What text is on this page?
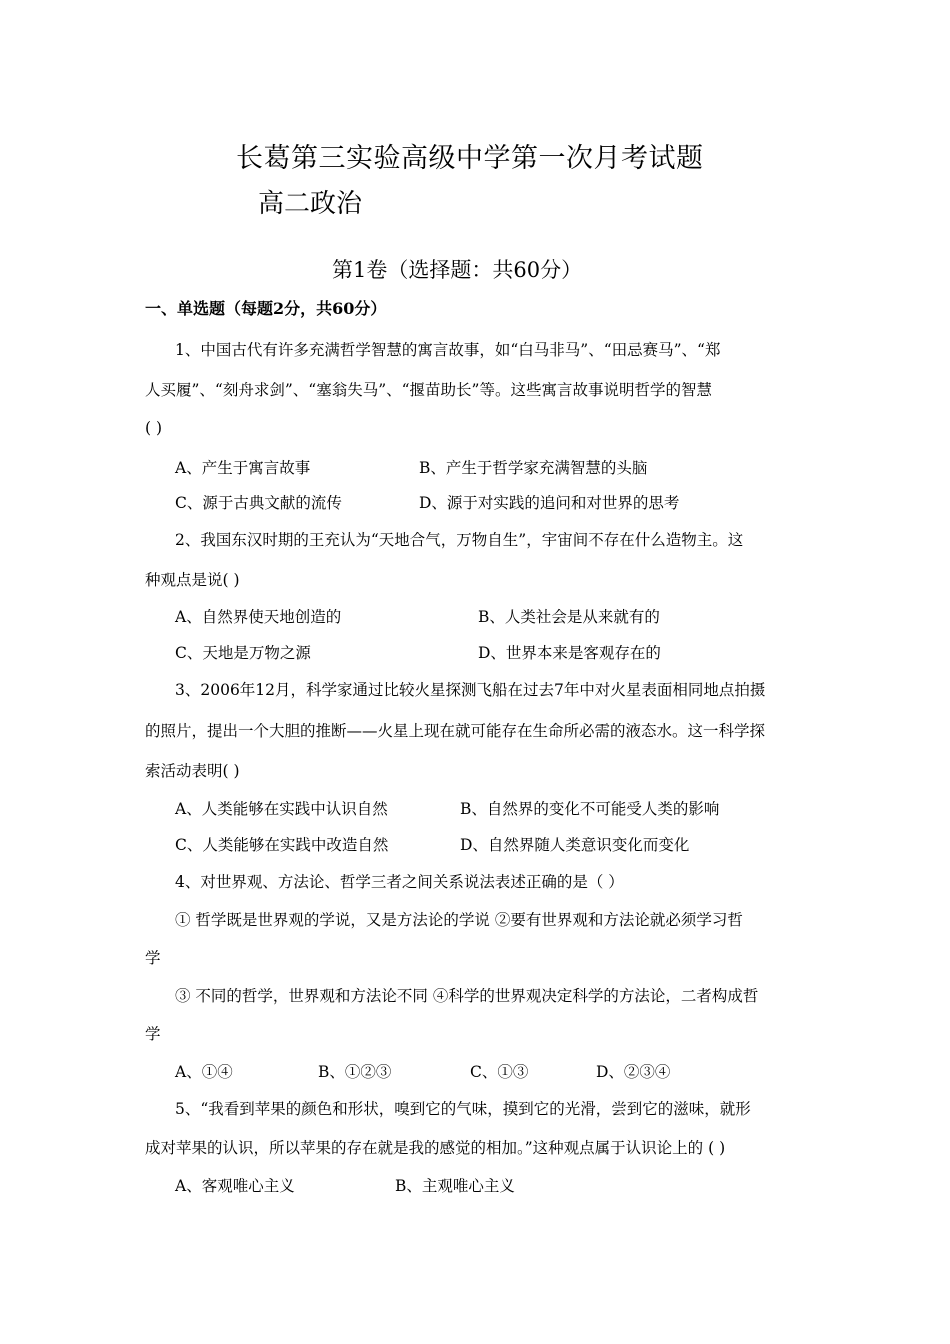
长葛第三实验高级中学第一次月考试题
高二政治
第1卷（选择题：共60分）
一、单选题（每题2分，共60分）
1、中国古代有许多充满哲学智慧的寓言故事，如“白马非马”、“田忌赛马”、“郑
人买履”、“刻舟求剑”、“塞翁失马”、“揠苗助长”等。这些寓言故事说明哲学的智慧
( )
A、产生于寓言故事	B、产生于哲学家充满智慧的头脑
C、源于古典文献的流传	D、源于对实践的追问和对世界的思考
2、我国东汉时期的王充认为“天地合气，万物自生”，宇宙间不存在什么造物主。这
种观点是说( )
A、自然界使天地创造的	B、人类社会是从来就有的
C、天地是万物之源	D、世界本来是客观存在的
3、2006年12月，科学家通过比较火星探测飞船在过去7年中对火星表面相同地点拍摄
的照片，提出一个大胆的推断——火星上现在就可能存在生命所必需的液态水。这一科学探
索活动表明( )
A、人类能够在实践中认识自然	B、自然界的变化不可能受人类的影响
C、人类能够在实践中改造自然	D、自然界随人类意识变化而变化
4、对世界观、方法论、哲学三者之间关系说法表述正确的是（ ）
① 哲学既是世界观的学说，又是方法论的学说 ②要有世界观和方法论就必须学习哲
学
③ 不同的哲学，世界观和方法论不同 ④科学的世界观决定科学的方法论，二者构成哲
学
A、①④	B、①②③	C、①③	D、②③④
5、“我看到苹果的颜色和形状，嗅到它的气味，摸到它的光滑，尝到它的滋味，就形
成对苹果的认识，所以苹果的存在就是我的感觉的相加。”这种观点属于认识论上的 ( )
A、客观唯心主义	B、主观唯心主义
